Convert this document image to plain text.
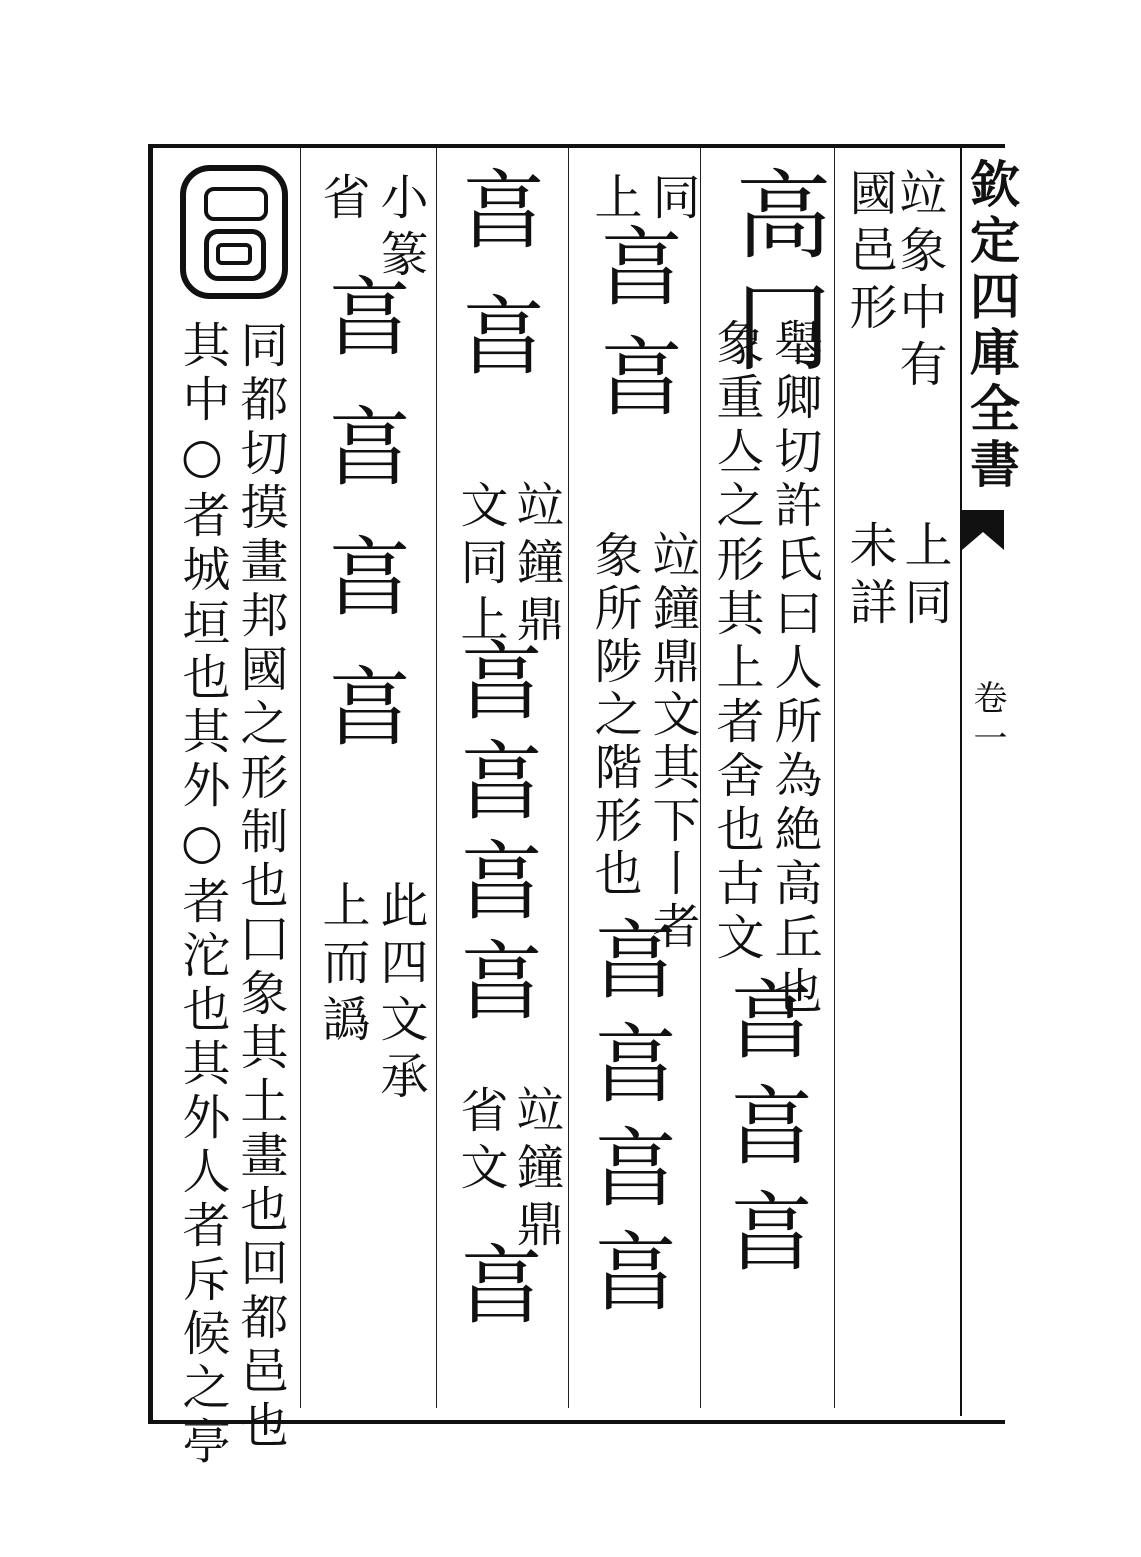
欽定四庫全書
卷一
竝象中有
國邑形
上同
未詳
高冂
舉卿切許氏曰人所為絶高丘也
象重亼之形其上者舍也古文
亯亯亯
同
上
亯亯
竝鐘鼎文其下丨者
象所陟之階形也
亯亯亯亯
亯亯
竝鐘鼎
文同上
亯亯亯亯
竝鐘鼎
省文
亯
小篆
省
亯亯亯亯
此四文承
上而譌
同都切摸畫邦國之形制也囗象其土畫也回都邑也
其中○者城垣也其外○者沱也其外人者斥候之亭
